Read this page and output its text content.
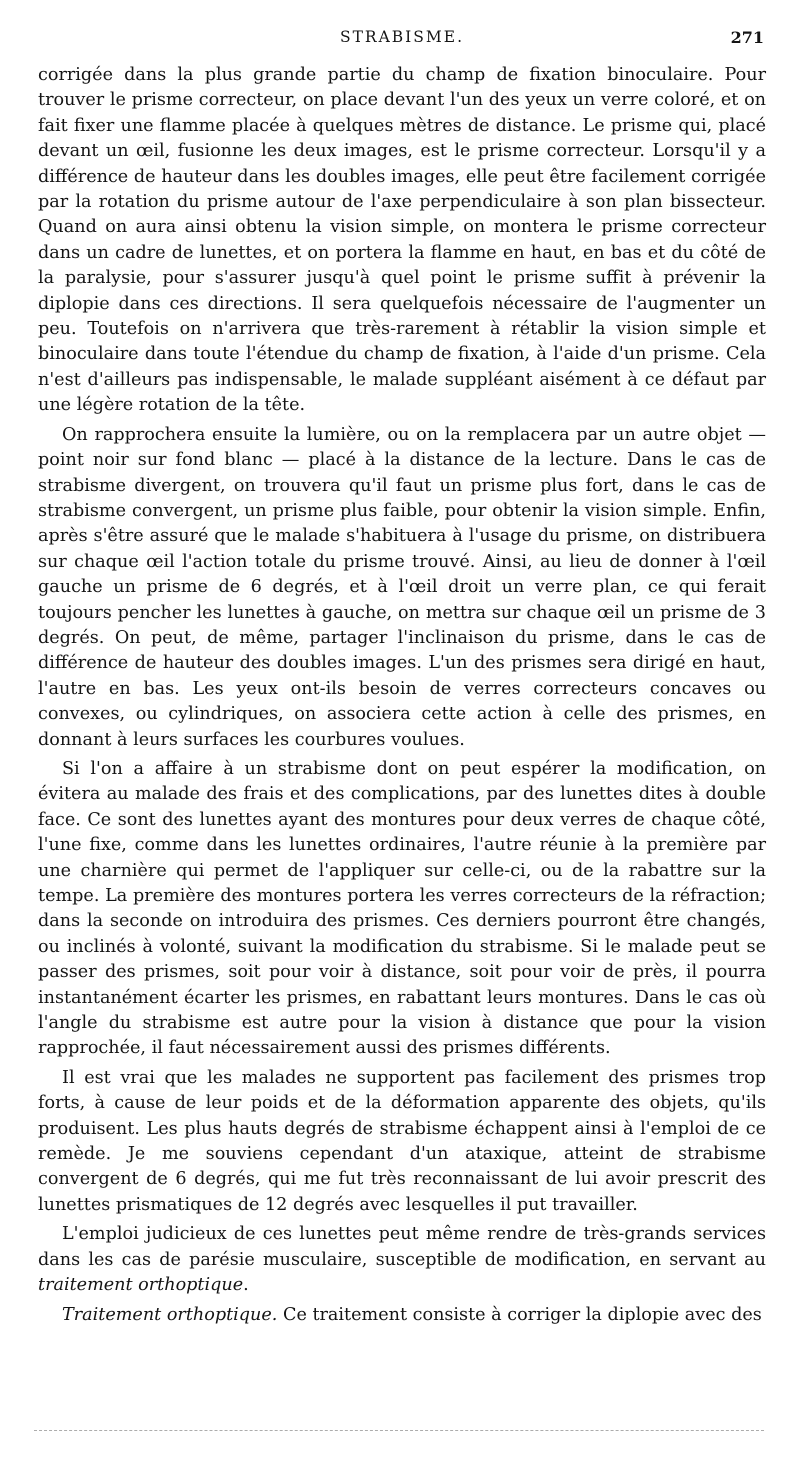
STRABISME.	271

corrigée dans la plus grande partie du champ de fixation binoculaire. Pour trouver le prisme correcteur, on place devant l'un des yeux un verre coloré, et on fait fixer une flamme placée à quelques mètres de distance. Le prisme qui, placé devant un œil, fusionne les deux images, est le prisme correcteur. Lorsqu'il y a différence de hauteur dans les doubles images, elle peut être facilement corrigée par la rotation du prisme autour de l'axe perpendiculaire à son plan bissecteur. Quand on aura ainsi obtenu la vision simple, on montera le prisme correcteur dans un cadre de lunettes, et on portera la flamme en haut, en bas et du côté de la paralysie, pour s'assurer jusqu'à quel point le prisme suffit à prévenir la diplopie dans ces directions. Il sera quelquefois nécessaire de l'augmenter un peu. Toutefois on n'arrivera que très-rarement à rétablir la vision simple et binoculaire dans toute l'étendue du champ de fixation, à l'aide d'un prisme. Cela n'est d'ailleurs pas indispensable, le malade suppléant aisément à ce défaut par une légère rotation de la tête.

On rapprochera ensuite la lumière, ou on la remplacera par un autre objet — point noir sur fond blanc — placé à la distance de la lecture. Dans le cas de strabisme divergent, on trouvera qu'il faut un prisme plus fort, dans le cas de strabisme convergent, un prisme plus faible, pour obtenir la vision simple. Enfin, après s'être assuré que le malade s'habituera à l'usage du prisme, on distribuera sur chaque œil l'action totale du prisme trouvé. Ainsi, au lieu de donner à l'œil gauche un prisme de 6 degrés, et à l'œil droit un verre plan, ce qui ferait toujours pencher les lunettes à gauche, on mettra sur chaque œil un prisme de 3 degrés. On peut, de même, partager l'inclinaison du prisme, dans le cas de différence de hauteur des doubles images. L'un des prismes sera dirigé en haut, l'autre en bas. Les yeux ont-ils besoin de verres correcteurs concaves ou convexes, ou cylindriques, on associera cette action à celle des prismes, en donnant à leurs surfaces les courbures voulues.

Si l'on a affaire à un strabisme dont on peut espérer la modification, on évitera au malade des frais et des complications, par des lunettes dites à double face. Ce sont des lunettes ayant des montures pour deux verres de chaque côté, l'une fixe, comme dans les lunettes ordinaires, l'autre réunie à la première par une charnière qui permet de l'appliquer sur celle-ci, ou de la rabattre sur la tempe. La première des montures portera les verres correcteurs de la réfraction; dans la seconde on introduira des prismes. Ces derniers pourront être changés, ou inclinés à volonté, suivant la modification du strabisme. Si le malade peut se passer des prismes, soit pour voir à distance, soit pour voir de près, il pourra instantanément écarter les prismes, en rabattant leurs montures. Dans le cas où l'angle du strabisme est autre pour la vision à distance que pour la vision rapprochée, il faut nécessairement aussi des prismes différents.

Il est vrai que les malades ne supportent pas facilement des prismes trop forts, à cause de leur poids et de la déformation apparente des objets, qu'ils produisent. Les plus hauts degrés de strabisme échappent ainsi à l'emploi de ce remède. Je me souviens cependant d'un ataxique, atteint de strabisme convergent de 6 degrés, qui me fut très reconnaissant de lui avoir prescrit des lunettes prismatiques de 12 degrés avec lesquelles il put travailler.

L'emploi judicieux de ces lunettes peut même rendre de très-grands services dans les cas de parésie musculaire, susceptible de modification, en servant au traitement orthoptique.

Traitement orthoptique. Ce traitement consiste à corriger la diplopie avec des
